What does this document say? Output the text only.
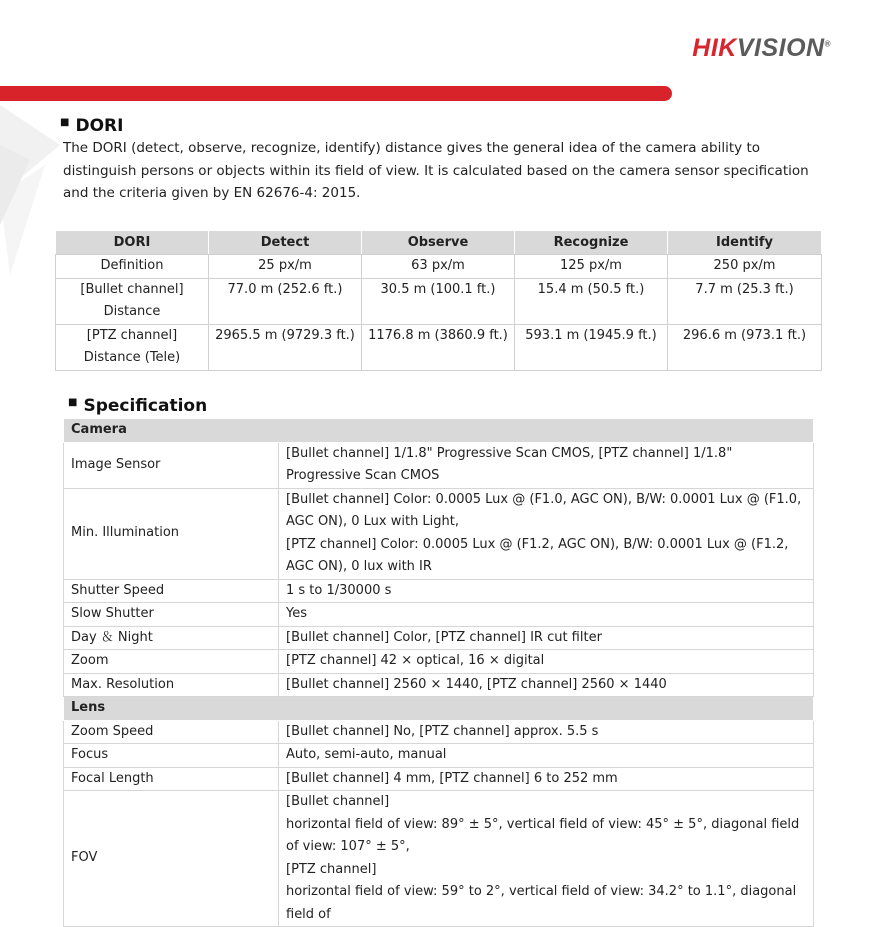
HIKVISION®
■ DORI
The DORI (detect, observe, recognize, identify) distance gives the general idea of the camera ability to distinguish persons or objects within its field of view. It is calculated based on the camera sensor specification and the criteria given by EN 62676-4: 2015.
DORI	Detect	Observe	Recognize	Identify
Definition	25 px/m	63 px/m	125 px/m	250 px/m
[Bullet channel] Distance	77.0 m (252.6 ft.)	30.5 m (100.1 ft.)	15.4 m (50.5 ft.)	7.7 m (25.3 ft.)
[PTZ channel] Distance (Tele)	2965.5 m (9729.3 ft.)	1176.8 m (3860.9 ft.)	593.1 m (1945.9 ft.)	296.6 m (973.1 ft.)
■ Specification
Camera	
Image Sensor	[Bullet channel] 1/1.8" Progressive Scan CMOS, [PTZ channel] 1/1.8" Progressive Scan CMOS
Min. Illumination	[Bullet channel] Color: 0.0005 Lux @ (F1.0, AGC ON), B/W: 0.0001 Lux @ (F1.0, AGC ON), 0 Lux with Light,
[PTZ channel] Color: 0.0005 Lux @ (F1.2, AGC ON), B/W: 0.0001 Lux @ (F1.2, AGC ON), 0 lux with IR

Shutter Speed	1 s to 1/30000 s
Slow Shutter	Yes
Day ＆ Night	[Bullet channel] Color, [PTZ channel] IR cut filter
Zoom	[PTZ channel] 42 × optical, 16 × digital
Max. Resolution	[Bullet channel] 2560 × 1440, [PTZ channel] 2560 × 1440
Lens	
Zoom Speed	[Bullet channel] No, [PTZ channel] approx. 5.5 s
Focus	Auto, semi-auto, manual
Focal Length	[Bullet channel] 4 mm, [PTZ channel] 6 to 252 mm
FOV	[Bullet channel]
horizontal field of view: 89° ± 5°, vertical field of view: 45° ± 5°, diagonal field of view: 107° ± 5°,
[PTZ channel]
horizontal field of view: 59° to 2°, vertical field of view: 34.2° to 1.1°, diagonal field of
